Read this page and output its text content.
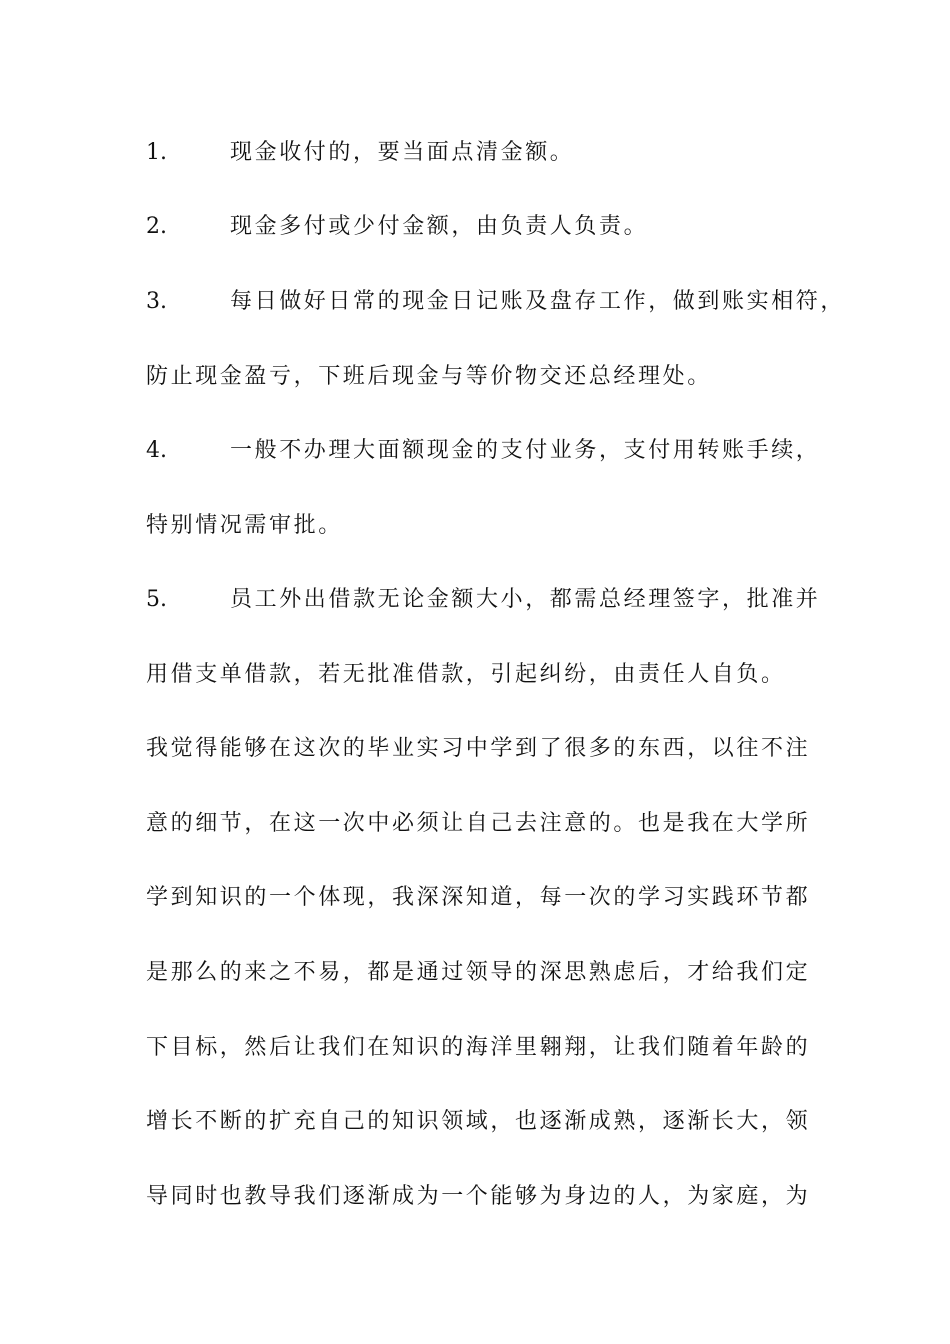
1.	现金收付的，要当面点清金额。
2.	现金多付或少付金额，由负责人负责。
3.	每日做好日常的现金日记账及盘存工作，做到账实相符，
防止现金盈亏，下班后现金与等价物交还总经理处。
4.	一般不办理大面额现金的支付业务，支付用转账手续，
特别情况需审批。
5.	员工外出借款无论金额大小，都需总经理签字，批准并
用借支单借款，若无批准借款，引起纠纷，由责任人自负。
我觉得能够在这次的毕业实习中学到了很多的东西，以往不注
意的细节，在这一次中必须让自己去注意的。也是我在大学所
学到知识的一个体现，我深深知道，每一次的学习实践环节都
是那么的来之不易，都是通过领导的深思熟虑后，才给我们定
下目标，然后让我们在知识的海洋里翱翔，让我们随着年龄的
增长不断的扩充自己的知识领域，也逐渐成熟，逐渐长大，领
导同时也教导我们逐渐成为一个能够为身边的人，为家庭，为
